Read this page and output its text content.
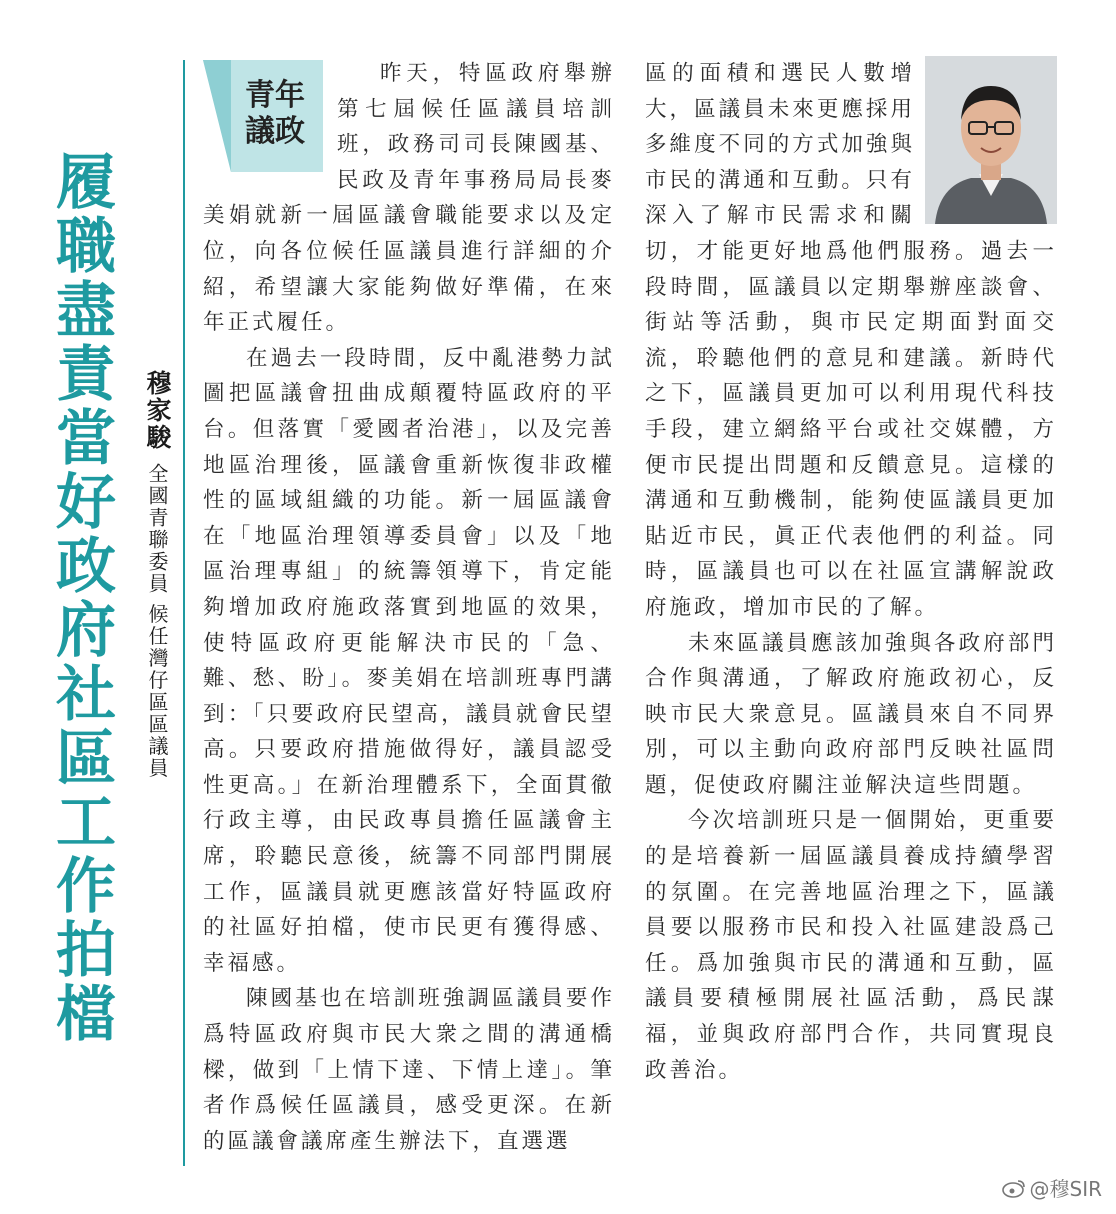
履職盡責當好政府社區工作拍檔	穆家駿全國青聯委員 候任灣仔區區議員
青年
議政

昨天，特區政府舉辦第七屆候任區議員培訓班，政務司司長陳國基、民政及青年事務局局長麥美娟就新一屆區議會職能要求以及定位，向各位候任區議員進行詳細的介紹，希望讓大家能夠做好準備，在來年正式履任。

在過去一段時間，反中亂港勢力試圖把區議會扭曲成顛覆特區政府的平台。但落實「愛國者治港」，以及完善地區治理後，區議會重新恢復非政權性的區域組織的功能。新一屆區議會在「地區治理領導委員會」以及「地區治理專組」的統籌領導下，肯定能夠增加政府施政落實到地區的效果，使特區政府更能解決市民的「急、難、愁、盼」。麥美娟在培訓班專門講到：「只要政府民望高，議員就會民望高。只要政府措施做得好，議員認受性更高。」在新治理體系下，全面貫徹行政主導，由民政專員擔任區議會主席，聆聽民意後，統籌不同部門開展工作，區議員就更應該當好特區政府的社區好拍檔，使市民更有獲得感、幸福感。

陳國基也在培訓班強調區議員要作爲特區政府與市民大衆之間的溝通橋樑，做到「上情下達、下情上達」。筆者作爲候任區議員，感受更深。在新的區議會議席產生辦法下，直選選

區的面積和選民人數增大，區議員未來更應採用多維度不同的方式加強與市民的溝通和互動。只有深入了解市民需求和關切，才能更好地爲他們服務。過去一段時間，區議員以定期舉辦座談會、街站等活動，與市民定期面對面交流，聆聽他們的意見和建議。新時代之下，區議員更加可以利用現代科技手段，建立網絡平台或社交媒體，方便市民提出問題和反饋意見。這樣的溝通和互動機制，能夠使區議員更加貼近市民，眞正代表他們的利益。同時，區議員也可以在社區宣講解說政府施政，增加市民的了解。

未來區議員應該加強與各政府部門合作與溝通，了解政府施政初心，反映市民大衆意見。區議員來自不同界別，可以主動向政府部門反映社區問題，促使政府關注並解決這些問題。

今次培訓班只是一個開始，更重要的是培養新一屆區議員養成持續學習的氛圍。在完善地區治理之下，區議員要以服務市民和投入社區建設爲己任。爲加強與市民的溝通和互動，區議員要積極開展社區活動，爲民謀福，並與政府部門合作，共同實現良政善治。

@穆SIR
